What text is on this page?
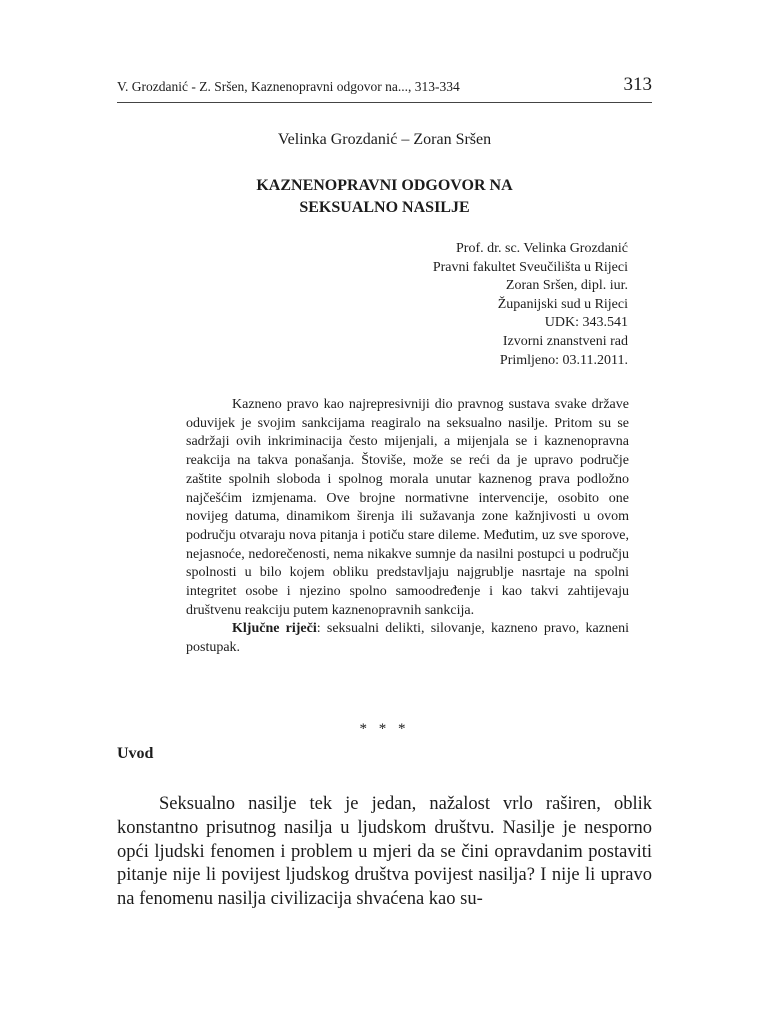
V. Grozdanić - Z. Sršen, Kaznenopravni odgovor na..., 313-334	313
Velinka Grozdanić – Zoran Sršen
KAZNENOPRAVNI ODGOVOR NA
SEKSUALNO NASILJE
Prof. dr. sc. Velinka Grozdanić
Pravni fakultet Sveučilišta u Rijeci
Zoran Sršen, dipl. iur.
Županijski sud u Rijeci
UDK: 343.541
Izvorni znanstveni rad
Primljeno: 03.11.2011.

Kazneno pravo kao najrepresivniji dio pravnog sustava svake države oduvijek je svojim sankcijama reagiralo na seksualno nasilje. Pritom su se sadržaji ovih inkriminacija često mijenjali, a mijenjala se i kaznenopravna reakcija na takva ponašanja. Štoviše, može se reći da je upravo područje zaštite spolnih sloboda i spolnog morala unutar kaznenog prava podložno najčešćim izmjenama. Ove brojne normativne intervencije, osobito one novijeg datuma, dinamikom širenja ili sužavanja zone kažnjivosti u ovom području otvaraju nova pitanja i potiču stare dileme. Međutim, uz sve sporove, nejasnoće, nedorečenosti, nema nikakve sumnje da nasilni postupci u području spolnosti u bilo kojem obliku predstavljaju najgrublje nasrtaje na spolni integritet osobe i njezino spolno samoodređenje i kao takvi zahtijevaju društvenu reakciju putem kaznenopravnih sankcija.

Ključne riječi: seksualni delikti, silovanje, kazneno pravo, kazneni postupak.

* * *
Uvod

Seksualno nasilje tek je jedan, nažalost vrlo raširen, oblik konstantno prisutnog nasilja u ljudskom društvu. Nasilje je nesporno opći ljudski fenomen i problem u mjeri da se čini opravdanim postaviti pitanje nije li povijest ljudskog društva povijest nasilja? I nije li upravo na fenomenu nasilja civilizacija shvaćena kao su-
